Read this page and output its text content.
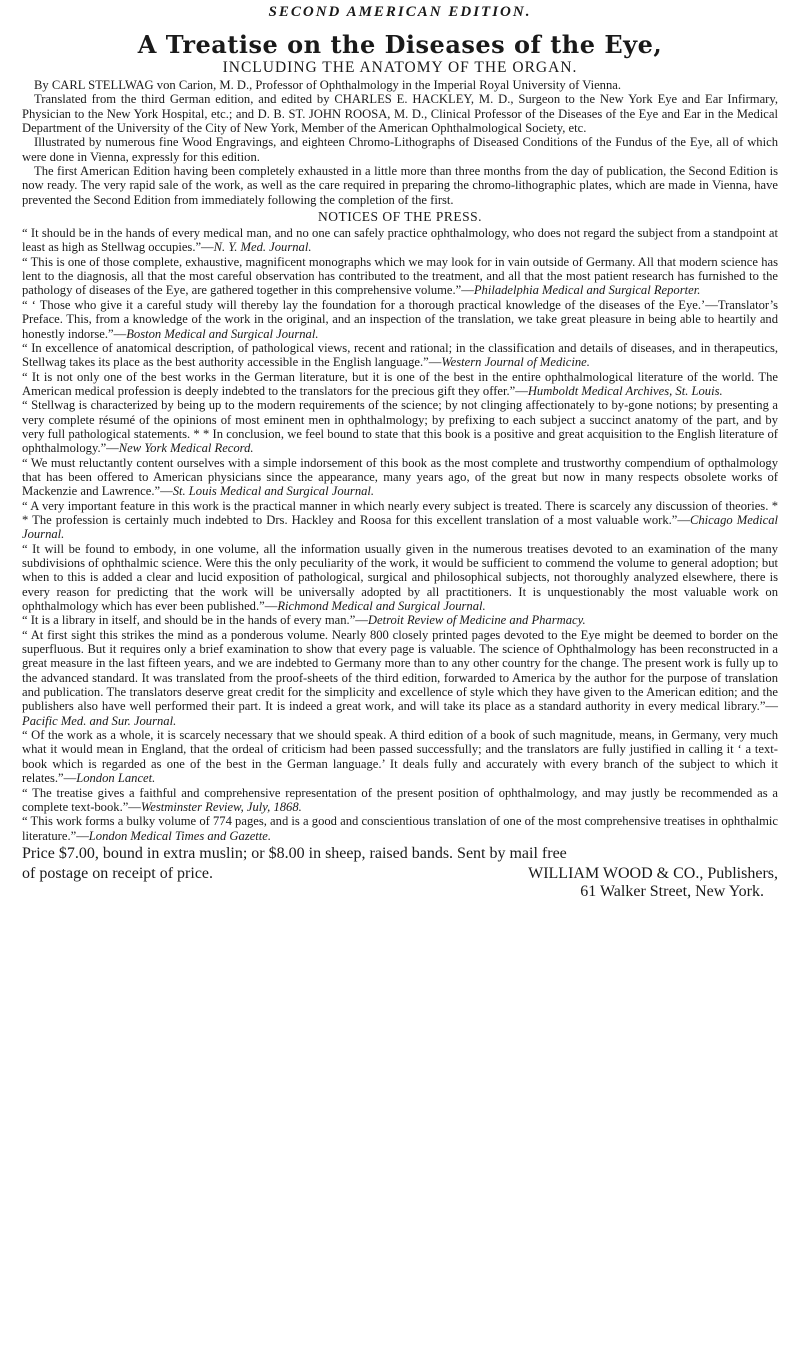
SECOND AMERICAN EDITION.
A Treatise on the Diseases of the Eye,
INCLUDING THE ANATOMY OF THE ORGAN.

By CARL STELLWAG von Carion, M. D., Professor of Ophthalmology in the Imperial Royal University of Vienna.

Translated from the third German edition, and edited by CHARLES E. HACKLEY, M. D., Surgeon to the New York Eye and Ear Infirmary, Physician to the New York Hospital, etc.; and D. B. ST. JOHN ROOSA, M. D., Clinical Professor of the Diseases of the Eye and Ear in the Medical Department of the University of the City of New York, Member of the American Ophthalmological Society, etc.

Illustrated by numerous fine Wood Engravings, and eighteen Chromo-Lithographs of Diseased Conditions of the Fundus of the Eye, all of which were done in Vienna, expressly for this edition.

The first American Edition having been completely exhausted in a little more than three months from the day of publication, the Second Edition is now ready. The very rapid sale of the work, as well as the care required in preparing the chromo-lithographic plates, which are made in Vienna, have prevented the Second Edition from immediately following the completion of the first.

NOTICES OF THE PRESS.

“ It should be in the hands of every medical man, and no one can safely practice ophthalmology, who does not regard the subject from a standpoint at least as high as Stellwag occupies.”—N. Y. Med. Journal.

“ This is one of those complete, exhaustive, magnificent monographs which we may look for in vain outside of Germany. All that modern science has lent to the diagnosis, all that the most careful observation has contributed to the treatment, and all that the most patient research has furnished to the pathology of diseases of the Eye, are gathered together in this comprehensive volume.”—Philadelphia Medical and Surgical Reporter.

“ ‘ Those who give it a careful study will thereby lay the foundation for a thorough practical knowledge of the diseases of the Eye.’—Translator’s Preface. This, from a knowledge of the work in the original, and an inspection of the translation, we take great pleasure in being able to heartily and honestly indorse.”—Boston Medical and Surgical Journal.

“ In excellence of anatomical description, of pathological views, recent and rational; in the classification and details of diseases, and in therapeutics, Stellwag takes its place as the best authority accessible in the English language.”—Western Journal of Medicine.

“ It is not only one of the best works in the German literature, but it is one of the best in the entire ophthalmological literature of the world. The American medical profession is deeply indebted to the translators for the precious gift they offer.”—Humboldt Medical Archives, St. Louis.

“ Stellwag is characterized by being up to the modern requirements of the science; by not clinging affectionately to by-gone notions; by presenting a very complete résumé of the opinions of most eminent men in ophthalmology; by prefixing to each subject a succinct anatomy of the part, and by very full pathological statements. * * In conclusion, we feel bound to state that this book is a positive and great acquisition to the English literature of ophthalmology.”—New York Medical Record.

“ We must reluctantly content ourselves with a simple indorsement of this book as the most complete and trustworthy compendium of opthalmology that has been offered to American physicians since the appearance, many years ago, of the great but now in many respects obsolete works of Mackenzie and Lawrence.”—St. Louis Medical and Surgical Journal.

“ A very important feature in this work is the practical manner in which nearly every subject is treated. There is scarcely any discussion of theories. * * The profession is certainly much indebted to Drs. Hackley and Roosa for this excellent translation of a most valuable work.”—Chicago Medical Journal.

“ It will be found to embody, in one volume, all the information usually given in the numerous treatises devoted to an examination of the many subdivisions of ophthalmic science. Were this the only peculiarity of the work, it would be sufficient to commend the volume to general adoption; but when to this is added a clear and lucid exposition of pathological, surgical and philosophical subjects, not thoroughly analyzed elsewhere, there is every reason for predicting that the work will be universally adopted by all practitioners. It is unquestionably the most valuable work on ophthalmology which has ever been published.”—Richmond Medical and Surgical Journal.

“ It is a library in itself, and should be in the hands of every man.”—Detroit Review of Medicine and Pharmacy.

“ At first sight this strikes the mind as a ponderous volume. Nearly 800 closely printed pages devoted to the Eye might be deemed to border on the superfluous. But it requires only a brief examination to show that every page is valuable. The science of Ophthalmology has been reconstructed in a great measure in the last fifteen years, and we are indebted to Germany more than to any other country for the change. The present work is fully up to the advanced standard. It was translated from the proof-sheets of the third edition, forwarded to America by the author for the purpose of translation and publication. The translators deserve great credit for the simplicity and excellence of style which they have given to the American edition; and the publishers also have well performed their part. It is indeed a great work, and will take its place as a standard authority in every medical library.”—Pacific Med. and Sur. Journal.

“ Of the work as a whole, it is scarcely necessary that we should speak. A third edition of a book of such magnitude, means, in Germany, very much what it would mean in England, that the ordeal of criticism had been passed successfully; and the translators are fully justified in calling it ‘ a text-book which is regarded as one of the best in the German language.’ It deals fully and accurately with every branch of the subject to which it relates.”—London Lancet.

“ The treatise gives a faithful and comprehensive representation of the present position of ophthalmology, and may justly be recommended as a complete text-book.”—Westminster Review, July, 1868.

“ This work forms a bulky volume of 774 pages, and is a good and conscientious translation of one of the most comprehensive treatises in ophthalmic literature.”—London Medical Times and Gazette.

Price $7.00, bound in extra muslin; or $8.00 in sheep, raised bands. Sent by mail free
of postage on receipt of price.	WILLIAM WOOD & CO., Publishers,
61 Walker Street, New York.
